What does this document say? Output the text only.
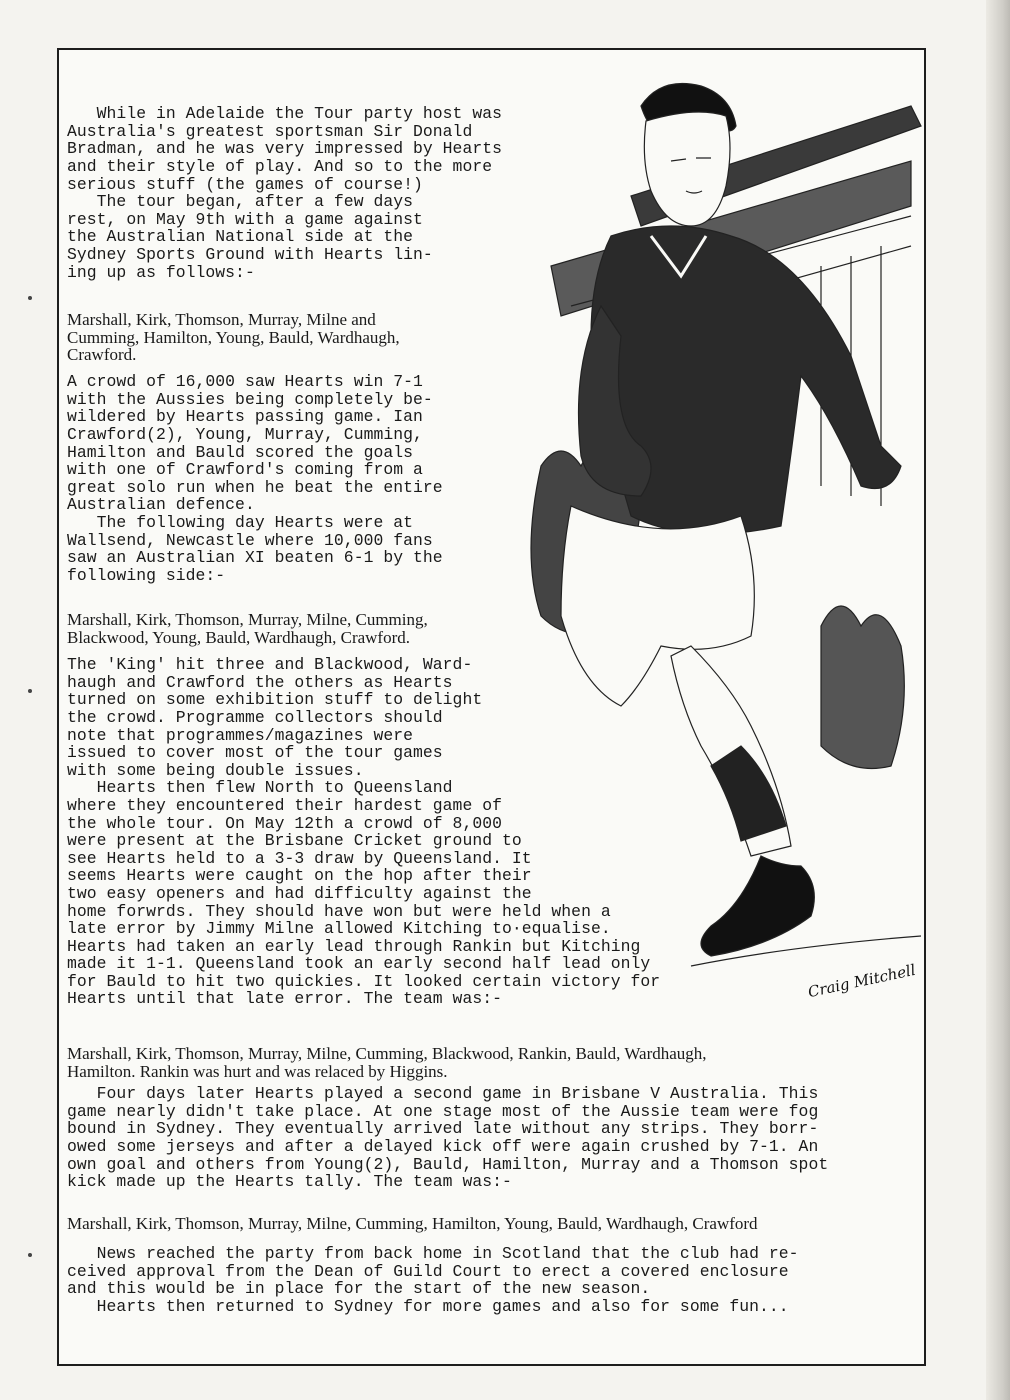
While in Adelaide the Tour party host was
Australia's greatest sportsman Sir Donald
Bradman, and he was very impressed by Hearts
and their style of play. And so to the more
serious stuff (the games of course!)
The tour began, after a few days
rest, on May 9th with a game against
the Australian National side at the
Sydney Sports Ground with Hearts lin-
ing up as follows:-

Marshall, Kirk, Thomson, Murray, Milne and
Cumming, Hamilton, Young, Bauld, Wardhaugh,
Crawford.

A crowd of 16,000 saw Hearts win 7-1
with the Aussies being completely be-
wildered by Hearts passing game. Ian
Crawford(2), Young, Murray, Cumming,
Hamilton and Bauld scored the goals
with one of Crawford's coming from a
great solo run when he beat the entire
Australian defence.
The following day Hearts were at
Wallsend, Newcastle where 10,000 fans
saw an Australian XI beaten 6-1 by the
following side:-

Marshall, Kirk, Thomson, Murray, Milne, Cumming,
Blackwood, Young, Bauld, Wardhaugh, Crawford.

The 'King' hit three and Blackwood, Ward-
haugh and Crawford the others as Hearts
turned on some exhibition stuff to delight
the crowd. Programme collectors should
note that programmes/magazines were
issued to cover most of the tour games
with some being double issues.
Hearts then flew North to Queensland
where they encountered their hardest game of
the whole tour. On May 12th a crowd of 8,000
were present at the Brisbane Cricket ground to
see Hearts held to a 3-3 draw by Queensland. It
seems Hearts were caught on the hop after their
two easy openers and had difficulty against the
home forwrds. They should have won but were held when a
late error by Jimmy Milne allowed Kitching to·equalise.
Hearts had taken an early lead through Rankin but Kitching
made it 1-1. Queensland took an early second half lead only
for Bauld to hit two quickies. It looked certain victory for
Hearts until that late error. The team was:-

	Craig Mitchell

Marshall, Kirk, Thomson, Murray, Milne, Cumming, Blackwood, Rankin, Bauld, Wardhaugh,
Hamilton. Rankin was hurt and was relaced by Higgins.

Four days later Hearts played a second game in Brisbane V Australia. This
game nearly didn't take place. At one stage most of the Aussie team were fog
bound in Sydney. They eventually arrived late without any strips. They borr-
owed some jerseys and after a delayed kick off were again crushed by 7-1. An
own goal and others from Young(2), Bauld, Hamilton, Murray and a Thomson spot
kick made up the Hearts tally. The team was:-

Marshall, Kirk, Thomson, Murray, Milne, Cumming, Hamilton, Young, Bauld, Wardhaugh, Crawford

News reached the party from back home in Scotland that the club had re-
ceived approval from the Dean of Guild Court to erect a covered enclosure
and this would be in place for the start of the new season.
Hearts then returned to Sydney for more games and also for some fun...
